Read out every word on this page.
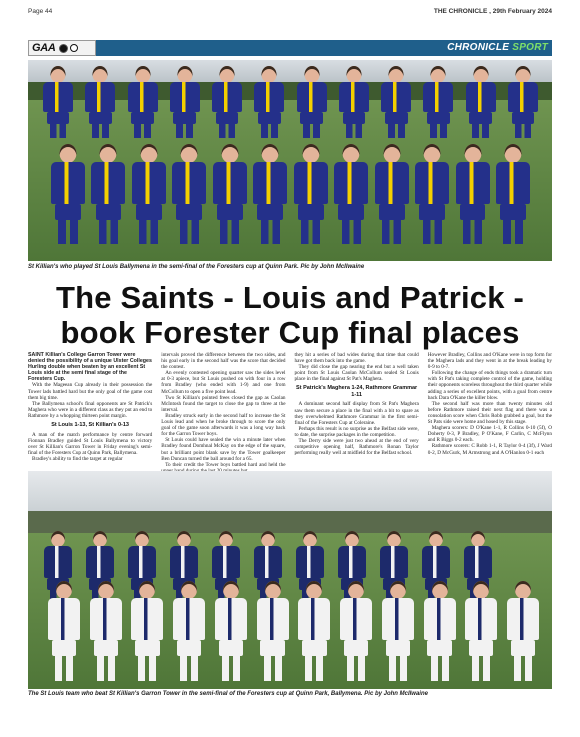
Page 44	THE CHRONICLE , 29th February 2024
GAA	CHRONICLE SPORT
St Killian's who played St Louis Ballymena in the semi-final of the Foresters cup at Quinn Park. Pic by John McIlwaine
The Saints - Louis and Patrick -
book Forester Cup final places

SAINT Killian's College Garron Tower were denied the possibility of a unique Ulster Colleges Hurling double when beaten by an excellent St Louis side at the semi final stage of the Foresters Cup.

With the Mageean Cup already in their possession the Tower lads battled hard but the only goal of the game cost them big time.

The Ballymena school's final opponents are St Patrick's Maghera who were in a different class as they put an end to Rathmore by a whopping thirteen point margin.

St Louis 1-13, St Killian's 0-13

A man of the match performance by centre forward Fionnan Bradley guided St Louis Ballymena to victory over St Killian's Garron Tower in Friday evening's semi-final of the Foresters Cup at Quinn Park, Ballymena.

Bradley's ability to find the target at regular

intervals proved the difference between the two sides, and his goal early in the second half was the score that decided the contest.

An evenly contested opening quarter saw the sides level at 0-3 apiece, but St Louis pushed on with four in a row from Bradley (who ended with 1-9) and one from McCollum to open a five point lead.

Two St Killian's pointed frees closed the gap as Caolan McIntosh found the target to close the gap to three at the interval.

Bradley struck early in the second half to increase the St Louis lead and when he broke through to score the only goal of the game soon afterwards it was a long way back for the Garron Tower boys.

St Louis could have sealed the win a minute later when Bradley found Domhnal McKay on the edge of the square, but a brilliant point blank save by the Tower goalkeeper Ben Duncan turned the ball around for a 65.

To their credit the Tower boys battled hard and held the

they hit a series of bad wides during that time that could have got them back into the game.

They did close the gap nearing the end but a well taken point from St Louis Caolan McCollum sealed St Louis place in the final against St Pat's Maghera.

St Patrick's Maghera 1-24, Rathmore Grammar 1-11

A dominant second half display from St Pat's Maghera saw them secure a place in the final with a bit to spare as they overwhelmed Rathmore Grammar in the first semi-final of the Foresters Cup at Coleraine.

Perhaps this result is no surprise as the Belfast side were, to date, the surprise packages in the competition.

The Derry side were just two ahead at the end of very competitive opening half, Rathmore's Ronan Taylor performing really well at midfield for the Belfast school.

However Bradley, Collins and O'Kane were in top form for the Maghera lads and they went in at the break leading by 0-9 to 0-7.

Following the change of ends things took a dramatic turn with St Pat's taking complete control of the game, holding their opponents scoreless throughout the third quarter while adding a series of excellent points, with a goal from centre back Dara O'Kane the killer blow.

The second half was more than twenty minutes old before Rathmore raised their next flag and there was a consolation score when Chris Robb grabbed a goal, but the St Pats side were home and hosed by this stage.

Maghera scorers: D O'Kane 1-1, R Collins 0-10 (5f), O Doherty 0-3, P Bradley, P O'Kane, F Carlin, C McFlynn and R Biggs 0-2 each.

Rathmore scorers: C Robb 1-1, R Taylor 0-4 (3f), J Ward 0-2, D McGurk, M Armstrong and A O'Hanlon 0-1 each

The St Louis team who beat St Killian's Garron Tower in the semi-final of the Foresters cup at Quinn Park, Ballymena. Pic by John McIlwaine
